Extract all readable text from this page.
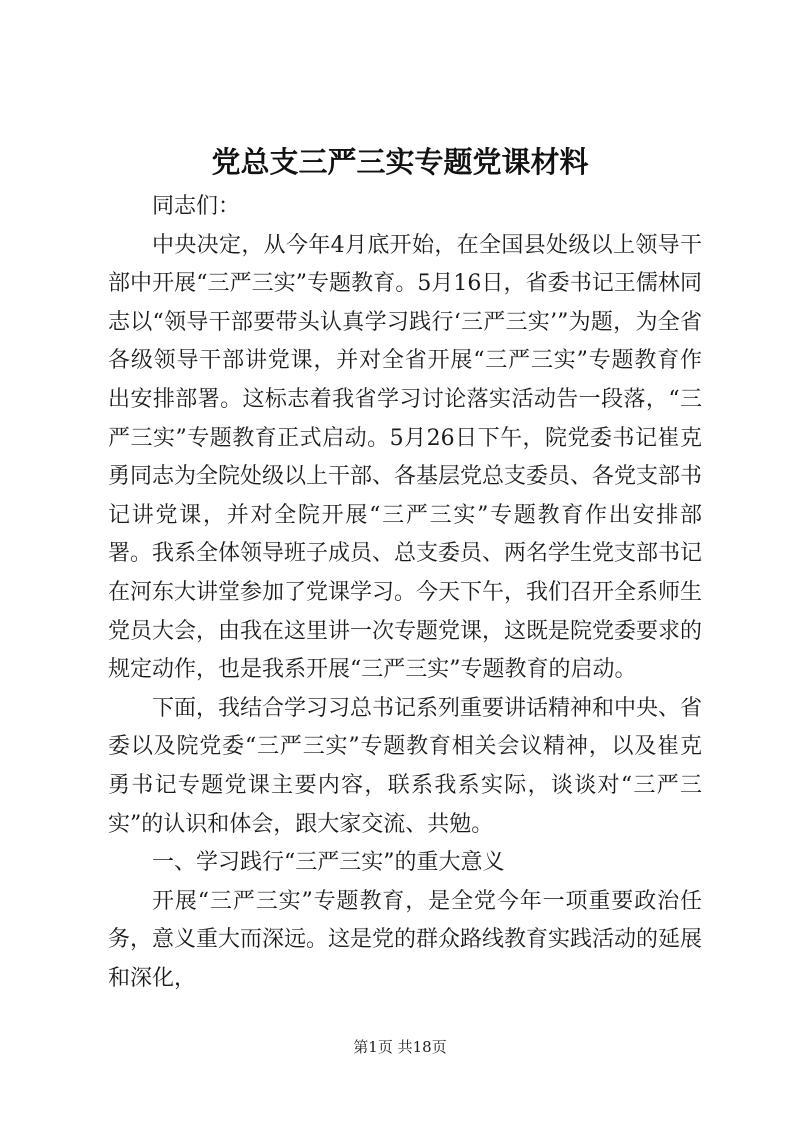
党总支三严三实专题党课材料

同志们：

中央决定，从今年4月底开始，在全国县处级以上领导干部中开展“三严三实”专题教育。5月16日，省委书记王儒林同志以“领导干部要带头认真学习践行‘三严三实’”为题，为全省各级领导干部讲党课，并对全省开展“三严三实”专题教育作出安排部署。这标志着我省学习讨论落实活动告一段落，“三严三实”专题教育正式启动。5月26日下午，院党委书记崔克勇同志为全院处级以上干部、各基层党总支委员、各党支部书记讲党课，并对全院开展“三严三实”专题教育作出安排部署。我系全体领导班子成员、总支委员、两名学生党支部书记在河东大讲堂参加了党课学习。今天下午，我们召开全系师生党员大会，由我在这里讲一次专题党课，这既是院党委要求的规定动作，也是我系开展“三严三实”专题教育的启动。

下面，我结合学习习总书记系列重要讲话精神和中央、省委以及院党委“三严三实”专题教育相关会议精神，以及崔克勇书记专题党课主要内容，联系我系实际，谈谈对“三严三实”的认识和体会，跟大家交流、共勉。

一、学习践行“三严三实”的重大意义

开展“三严三实”专题教育，是全党今年一项重要政治任务，意义重大而深远。这是党的群众路线教育实践活动的延展和深化，

第1页 共18页
